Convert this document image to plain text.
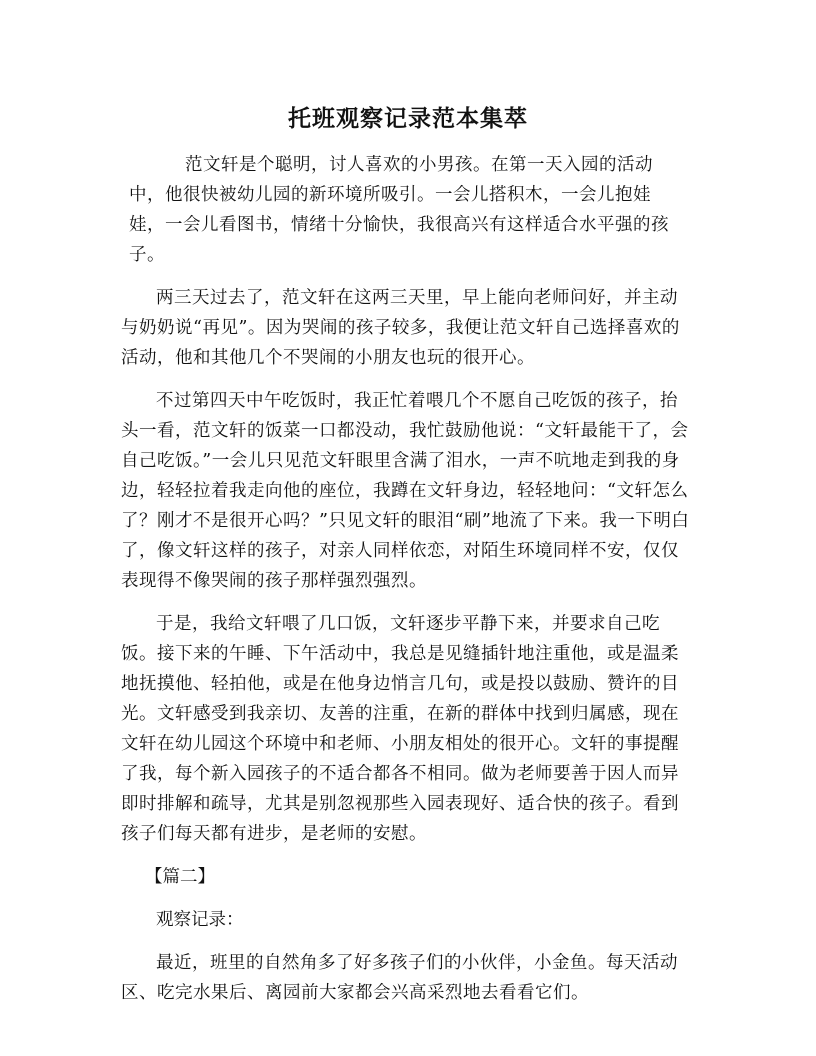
托班观察记录范本集萃

范文轩是个聪明，讨人喜欢的小男孩。在第一天入园的活动中，他很快被幼儿园的新环境所吸引。一会儿搭积木，一会儿抱娃娃，一会儿看图书，情绪十分愉快，我很高兴有这样适合水平强的孩子。

两三天过去了，范文轩在这两三天里，早上能向老师问好，并主动与奶奶说“再见”。因为哭闹的孩子较多，我便让范文轩自己选择喜欢的活动，他和其他几个不哭闹的小朋友也玩的很开心。

不过第四天中午吃饭时，我正忙着喂几个不愿自己吃饭的孩子，抬头一看，范文轩的饭菜一口都没动，我忙鼓励他说：“文轩最能干了，会自己吃饭。”一会儿只见范文轩眼里含满了泪水，一声不吭地走到我的身边，轻轻拉着我走向他的座位，我蹲在文轩身边，轻轻地问：“文轩怎么了？刚才不是很开心吗？”只见文轩的眼泪“刷”地流了下来。我一下明白了，像文轩这样的孩子，对亲人同样依恋，对陌生环境同样不安，仅仅表现得不像哭闹的孩子那样强烈强烈。

于是，我给文轩喂了几口饭，文轩逐步平静下来，并要求自己吃饭。接下来的午睡、下午活动中，我总是见缝插针地注重他，或是温柔地抚摸他、轻拍他，或是在他身边悄言几句，或是投以鼓励、赞许的目光。文轩感受到我亲切、友善的注重，在新的群体中找到归属感，现在文轩在幼儿园这个环境中和老师、小朋友相处的很开心。文轩的事提醒了我，每个新入园孩子的不适合都各不相同。做为老师要善于因人而异即时排解和疏导，尤其是别忽视那些入园表现好、适合快的孩子。看到孩子们每天都有进步，是老师的安慰。

【篇二】

观察记录：

最近，班里的自然角多了好多孩子们的小伙伴，小金鱼。每天活动区、吃完水果后、离园前大家都会兴高采烈地去看看它们。
